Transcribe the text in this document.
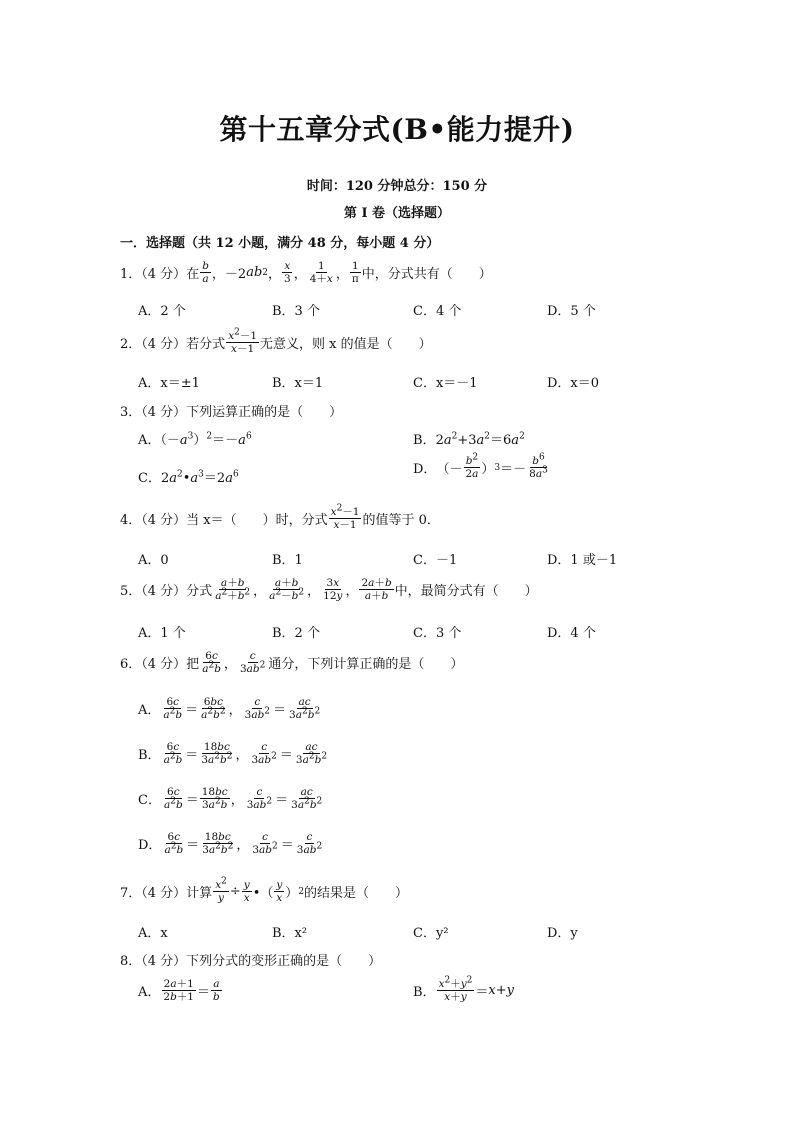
第十五章分式(B•能力提升)
时间：120 分钟总分：150 分
第 I 卷（选择题）
一．选择题（共 12 小题，满分 48 分，每小题 4 分）
1．（4 分）在 $\frac{b}{a}$ ，－2 ab 2 ， $\frac{x}{3}$ ， $\frac{1}{4+x}$ ， $\frac{1}{\pi}$ 中，分式共有（　　）
A．2 个	B．3 个	C．4 个	D．5 个
2．（4 分）若分式 $\frac{x^2-1}{x-1}$ 无意义，则 x 的值是（　　）
A．x＝±1	B．x＝1	C．x＝－1	D．x＝0
3．（4 分）下列运算正确的是（　　）
A．$(-a^3)^2=-a^6$	B．$2a^2+3a^2=6a^2$
C．$2a^2•a^3=2a^6$	D． （－ $\frac{b^2}{2a}$ ） $3 =- \frac{b^6}{8a^3}$
4．（4 分）当 x＝（　　）时，分式 $\frac{x^2-1}{x-1}$ 的值等于 0．
A．0	B．1	C．－1	D．1 或－1
5．（4 分）分式 $\frac{a+b}{a^2+b^2}$ ， $\frac{a+b}{a^2-b^2}$ ， $\frac{3x}{12y}$ ， $\frac{2a+b}{a+b}$ 中，最简分式有（　　）
A．1 个	B．2 个	C．3 个	D．4 个
6．（4 分）把 $\frac{6c}{a^2b}$ ， $\frac{c}{3ab^2}$ 通分，下列计算正确的是（　　）
A． $\frac{6c}{a^2b} = \frac{6bc}{a^2b^2}$ ， $\frac{c}{3ab^2} = \frac{ac}{3a^2b^2}$
B． $\frac{6c}{a^2b} = \frac{18bc}{3a^2b^2}$ ， $\frac{c}{3ab^2} = \frac{ac}{3a^2b^2}$
C． $\frac{6c}{a^2b} = \frac{18bc}{3a^2b}$ ， $\frac{c}{3ab^2} = \frac{ac}{3a^2b^2}$
D． $\frac{6c}{a^2b} = \frac{18bc}{3a^2b^2}$ ， $\frac{c}{3ab^2} = \frac{c}{3ab^2}$
7．（4 分）计算 $\frac{x^2}{y} \div \frac{y}{x}$ •（ $\frac{y}{x}$ ） 2 的结果是（　　）
A．x	B．x²	C．y²	D．y
8．（4 分）下列分式的变形正确的是（　　）
A． $\frac{2a+1}{2b+1} = \frac{a}{b}$	B． $\frac{x^2+y^2}{x+y} = x + y$
